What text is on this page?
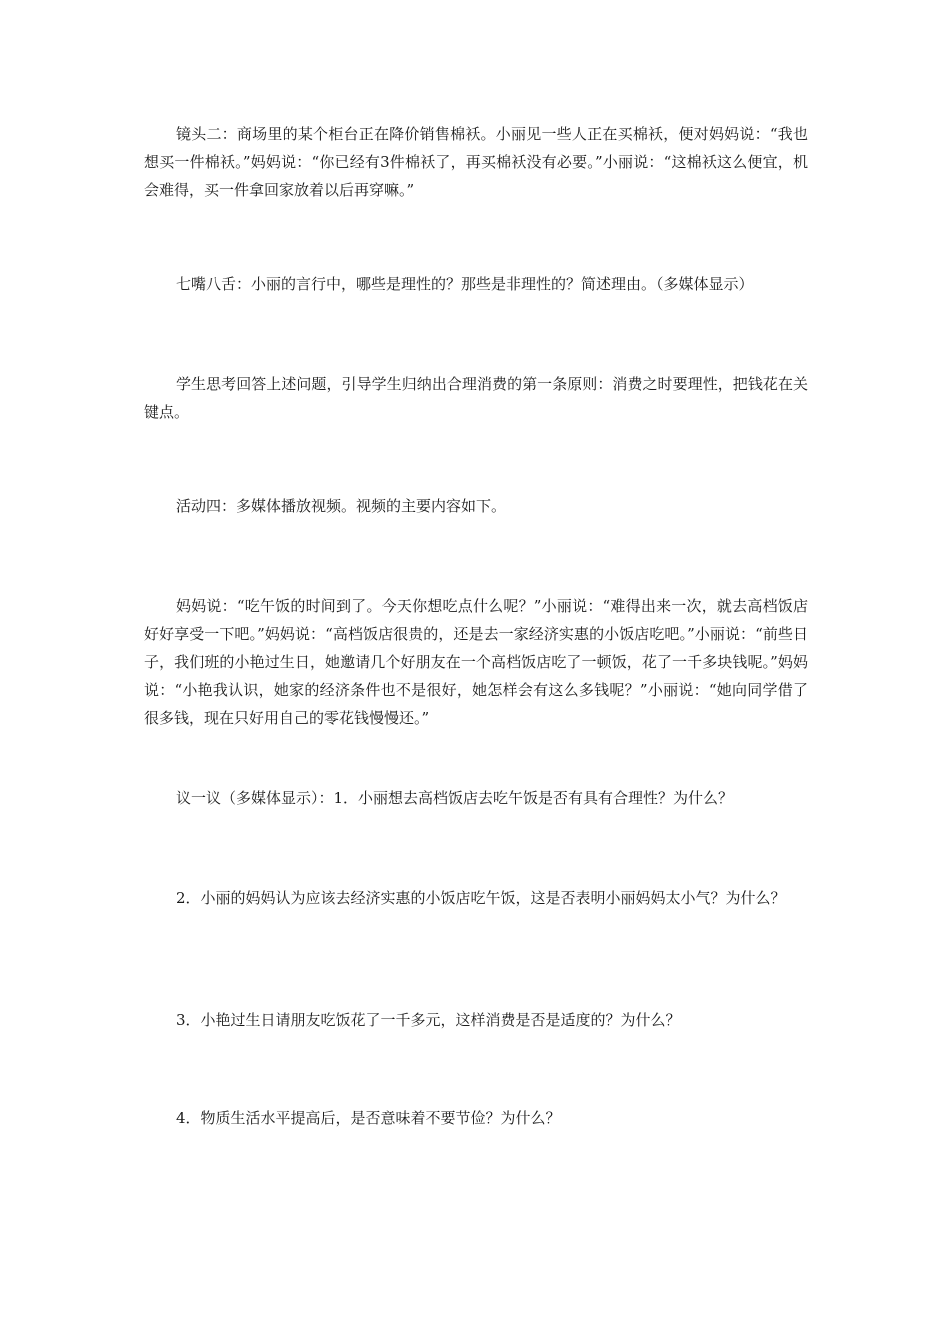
镜头二：商场里的某个柜台正在降价销售棉袄。小丽见一些人正在买棉袄，便对妈妈说：“我也想买一件棉袄。”妈妈说：“你已经有3件棉袄了，再买棉袄没有必要。”小丽说：“这棉袄这么便宜，机会难得，买一件拿回家放着以后再穿嘛。”

七嘴八舌：小丽的言行中，哪些是理性的？那些是非理性的？简述理由。（多媒体显示）

学生思考回答上述问题，引导学生归纳出合理消费的第一条原则：消费之时要理性，把钱花在关键点。

活动四：多媒体播放视频。视频的主要内容如下。

妈妈说：“吃午饭的时间到了。今天你想吃点什么呢？”小丽说：“难得出来一次，就去高档饭店好好享受一下吧。”妈妈说：“高档饭店很贵的，还是去一家经济实惠的小饭店吃吧。”小丽说：“前些日子，我们班的小艳过生日，她邀请几个好朋友在一个高档饭店吃了一顿饭，花了一千多块钱呢。”妈妈说：“小艳我认识，她家的经济条件也不是很好，她怎样会有这么多钱呢？”小丽说：“她向同学借了很多钱，现在只好用自己的零花钱慢慢还。”

议一议（多媒体显示）：1．小丽想去高档饭店去吃午饭是否有具有合理性？为什么？

2．小丽的妈妈认为应该去经济实惠的小饭店吃午饭，这是否表明小丽妈妈太小气？为什么？

3．小艳过生日请朋友吃饭花了一千多元，这样消费是否是适度的？为什么？

4．物质生活水平提高后，是否意味着不要节俭？为什么？
